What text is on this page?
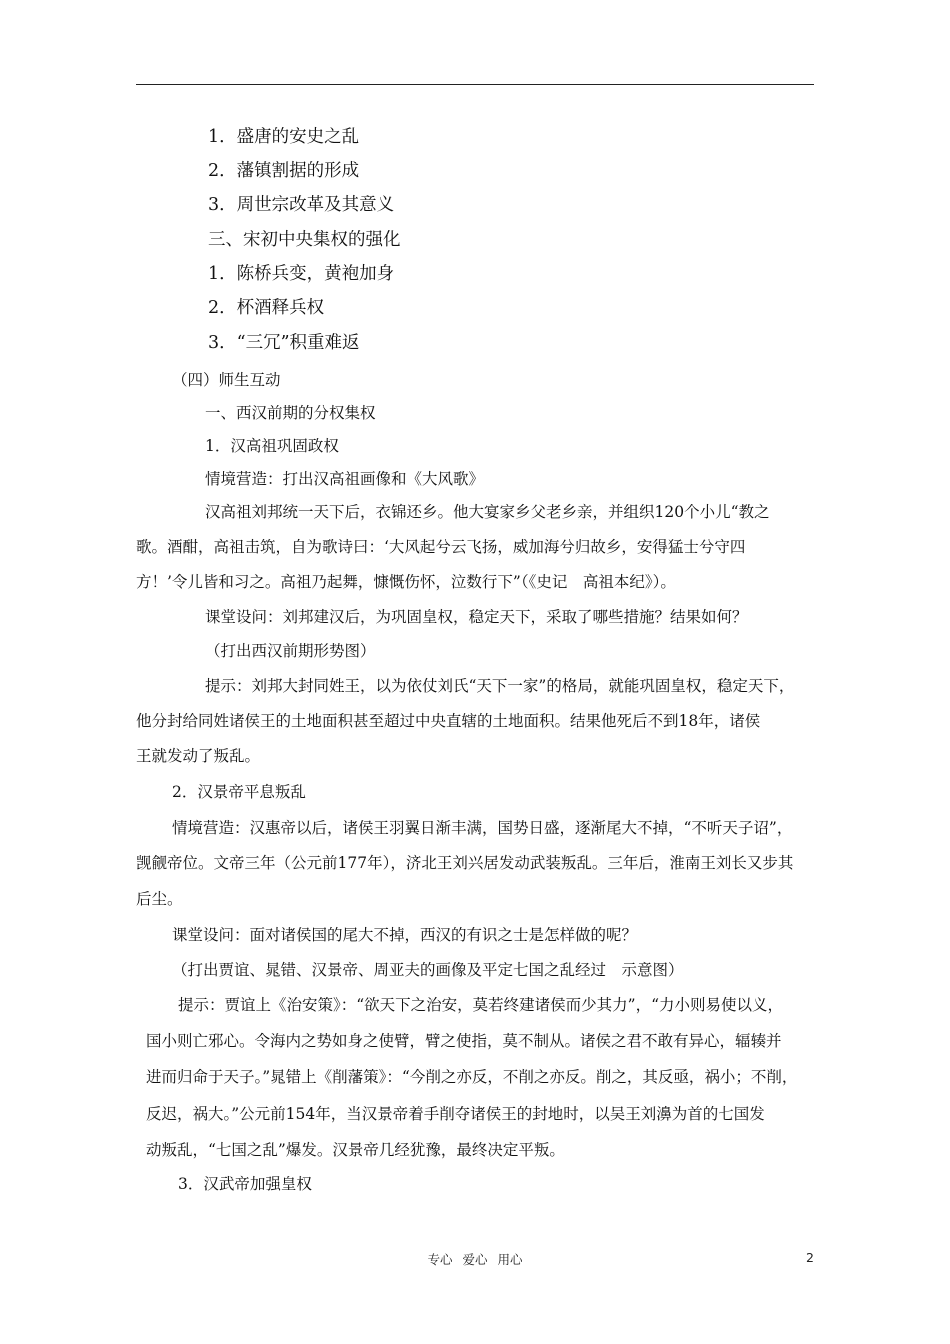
1．盛唐的安史之乱

2．藩镇割据的形成

3．周世宗改革及其意义

三、宋初中央集权的强化

1．陈桥兵变，黄袍加身

2．杯酒释兵权

3．“三冗”积重难返

（四）师生互动

一、西汉前期的分权集权

1．汉高祖巩固政权

情境营造：打出汉高祖画像和《大风歌》

汉高祖刘邦统一天下后，衣锦还乡。他大宴家乡父老乡亲，并组织120个小儿“教之

歌。酒酣，高祖击筑，自为歌诗曰：‘大风起兮云飞扬，威加海兮归故乡，安得猛士兮守四

方！’令儿皆和习之。高祖乃起舞，慷慨伤怀，泣数行下”（《史记　高祖本纪》）。

课堂设问：刘邦建汉后，为巩固皇权，稳定天下，采取了哪些措施？结果如何？

（打出西汉前期形势图）

提示：刘邦大封同姓王，以为依仗刘氏“天下一家”的格局，就能巩固皇权，稳定天下，

他分封给同姓诸侯王的土地面积甚至超过中央直辖的土地面积。结果他死后不到18年，诸侯

王就发动了叛乱。

2．汉景帝平息叛乱

情境营造：汉惠帝以后，诸侯王羽翼日渐丰满，国势日盛，逐渐尾大不掉，“不听天子诏”，

觊觎帝位。文帝三年（公元前177年），济北王刘兴居发动武装叛乱。三年后，淮南王刘长又步其

后尘。

课堂设问：面对诸侯国的尾大不掉，西汉的有识之士是怎样做的呢？

（打出贾谊、晁错、汉景帝、周亚夫的画像及平定七国之乱经过　示意图）

提示：贾谊上《治安策》：“欲天下之治安，莫若终建诸侯而少其力”，“力小则易使以义，

国小则亡邪心。令海内之势如身之使臂，臂之使指，莫不制从。诸侯之君不敢有异心，辐辏并

进而归命于天子。”晁错上《削藩策》：“今削之亦反，不削之亦反。削之，其反亟，祸小；不削，

反迟，祸大。”公元前154年，当汉景帝着手削夺诸侯王的封地时，以吴王刘濞为首的七国发

动叛乱，“七国之乱”爆发。汉景帝几经犹豫，最终决定平叛。

3．汉武帝加强皇权

专心 爱心 用心	2
